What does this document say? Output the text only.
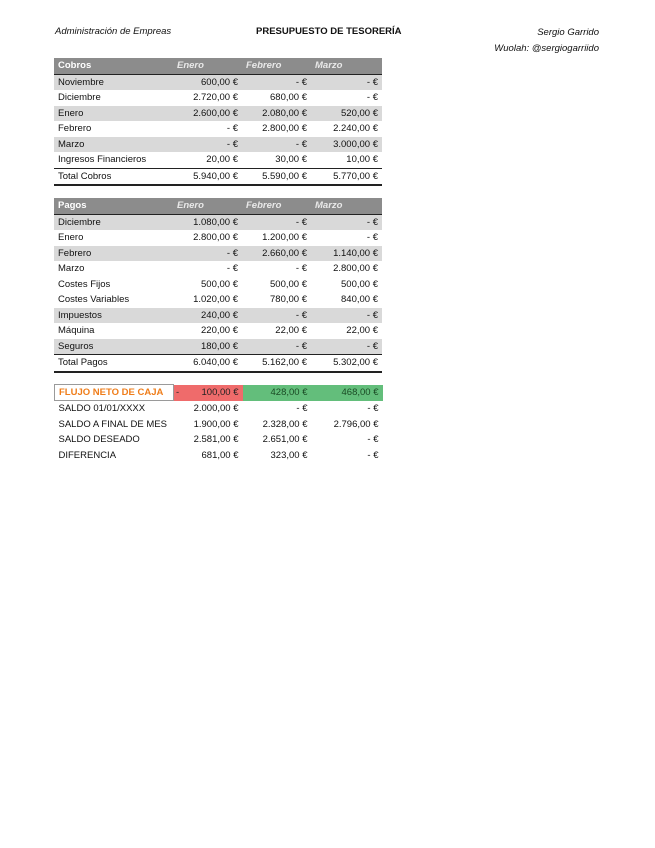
Administración de Empreas	PRESUPUESTO DE TESORERÍA	Sergio Garrido
Wuolah: @sergiogarriido
Cobros	Enero	Febrero	Marzo
Noviembre	600,00 €	- €	- €
Diciembre	2.720,00 €	680,00 €	- €
Enero	2.600,00 €	2.080,00 €	520,00 €
Febrero	- €	2.800,00 €	2.240,00 €
Marzo	- €	- €	3.000,00 €
Ingresos Financieros	20,00 €	30,00 €	10,00 €
Total Cobros	5.940,00 €	5.590,00 €	5.770,00 €
Pagos	Enero	Febrero	Marzo
Diciembre	1.080,00 €	- €	- €
Enero	2.800,00 €	1.200,00 €	- €
Febrero	- €	2.660,00 €	1.140,00 €
Marzo	- €	- €	2.800,00 €
Costes Fijos	500,00 €	500,00 €	500,00 €
Costes Variables	1.020,00 €	780,00 €	840,00 €
Impuestos	240,00 €	- €	- €
Máquina	220,00 €	22,00 €	22,00 €
Seguros	180,00 €	- €	- €
Total Pagos	6.040,00 €	5.162,00 €	5.302,00 €
FLUJO NETO DE CAJA	- 100,00 €	428,00 €	468,00 €
SALDO 01/01/XXXX	2.000,00 €	- €	- €
SALDO A FINAL DE MES	1.900,00 €	2.328,00 €	2.796,00 €
SALDO DESEADO	2.581,00 €	2.651,00 €	- €
DIFERENCIA	681,00 €	323,00 €	- €
